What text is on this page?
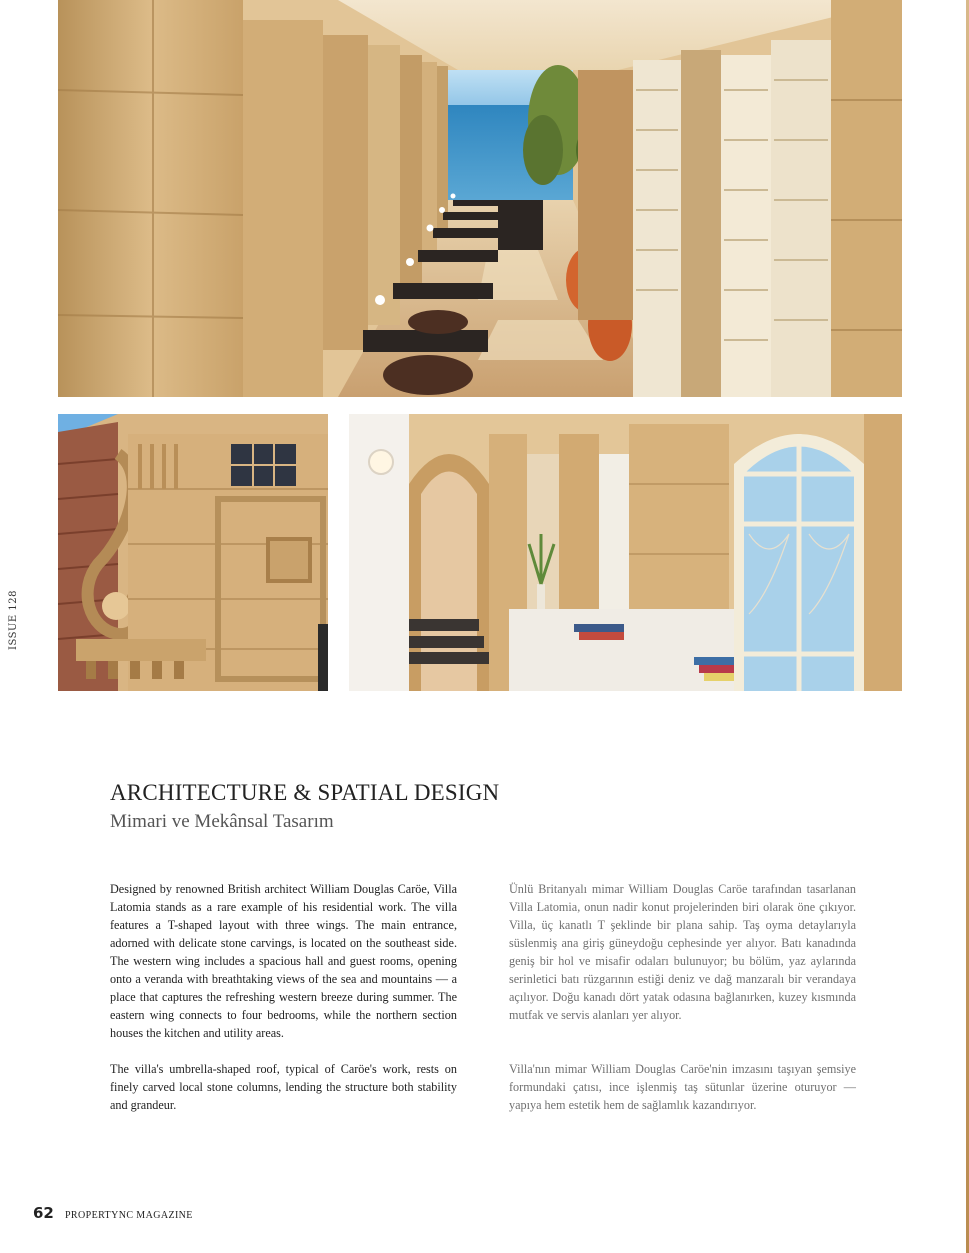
ISSUE 128
ARCHITECTURE & SPATIAL DESIGN
Mimari ve Mekânsal Tasarım

Designed by renowned British architect William Douglas Caröe, Villa Latomia stands as a rare example of his residential work. The villa features a T-shaped layout with three wings. The main entrance, adorned with delicate stone carvings, is located on the southeast side. The western wing includes a spacious hall and guest rooms, opening onto a veranda with breathtaking views of the sea and mountains — a place that captures the refreshing western breeze during summer. The eastern wing connects to four bedrooms, while the northern section houses the kitchen and utility areas.

The villa's umbrella-shaped roof, typical of Caröe's work, rests on finely carved local stone columns, lending the structure both stability and grandeur.

Ünlü Britanyalı mimar William Douglas Caröe tarafından tasarlanan Villa Latomia, onun nadir konut projelerinden biri olarak öne çıkıyor. Villa, üç kanatlı T şeklinde bir plana sahip. Taş oyma detaylarıyla süslenmiş ana giriş güneydoğu cephesinde yer alıyor. Batı kanadında geniş bir hol ve misafir odaları bulunuyor; bu bölüm, yaz aylarında serinletici batı rüzgarının estiği deniz ve dağ manzaralı bir verandaya açılıyor. Doğu kanadı dört yatak odasına bağlanırken, kuzey kısmında mutfak ve servis alanları yer alıyor.

Villa'nın mimar William Douglas Caröe'nin imzasını taşıyan şemsiye formundaki çatısı, ince işlenmiş taş sütunlar üzerine oturuyor — yapıya hem estetik hem de sağlamlık kazandırıyor.

62 PROPERTYNC MAGAZINE
